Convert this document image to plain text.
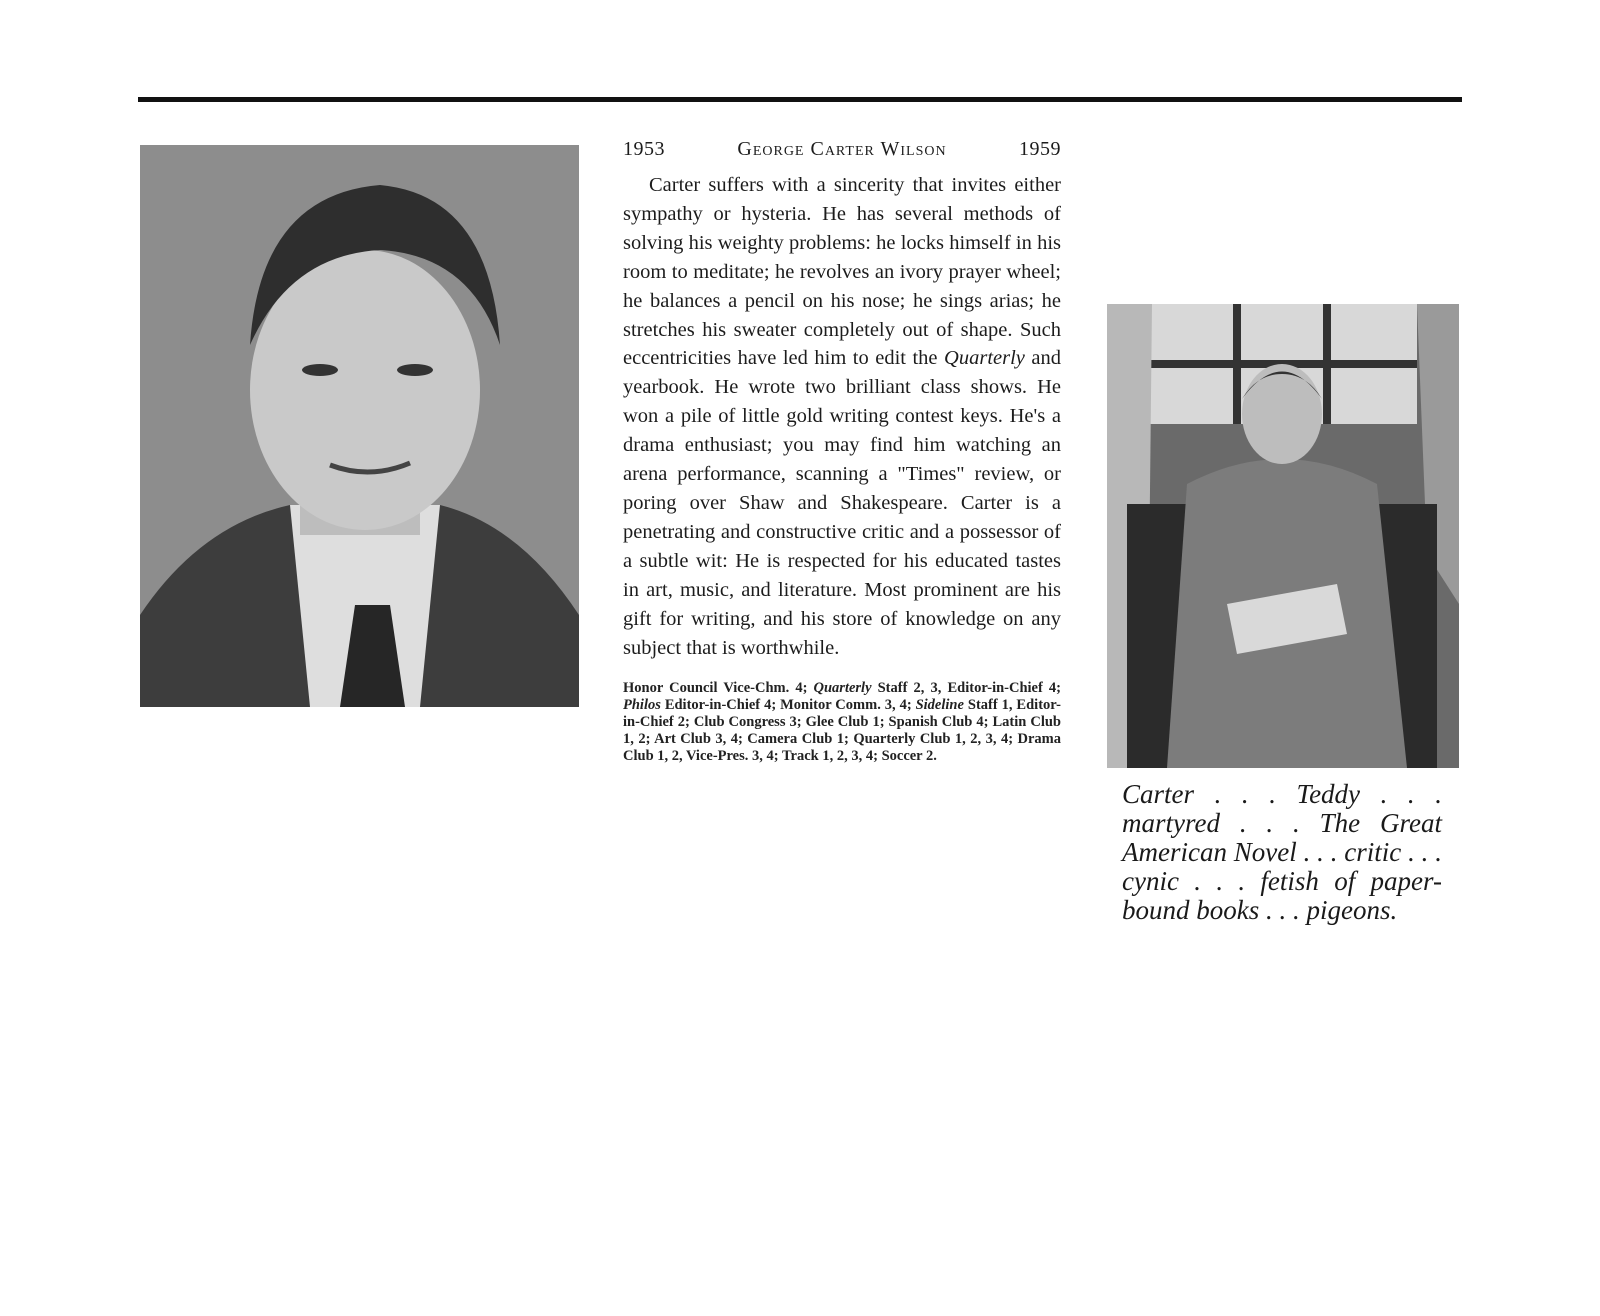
1953	George Carter Wilson	1959

Carter suffers with a sincerity that invites either sympathy or hysteria. He has several methods of solving his weighty problems: he locks himself in his room to meditate; he revolves an ivory prayer wheel; he balances a pencil on his nose; he sings arias; he stretches his sweater completely out of shape. Such eccentricities have led him to edit the Quarterly and yearbook. He wrote two brilliant class shows. He won a pile of little gold writing contest keys. He's a drama enthusiast; you may find him watching an arena performance, scanning a "Times" review, or poring over Shaw and Shakespeare. Carter is a penetrating and constructive critic and a possessor of a subtle wit: He is respected for his educated tastes in art, music, and literature. Most prominent are his gift for writing, and his store of knowledge on any subject that is worthwhile.

Honor Council Vice-Chm. 4; Quarterly Staff 2, 3, Editor-in-Chief 4; Philos Editor-in-Chief 4; Monitor Comm. 3, 4; Sideline Staff 1, Editor-in-Chief 2; Club Congress 3; Glee Club 1; Spanish Club 4; Latin Club 1, 2; Art Club 3, 4; Camera Club 1; Quarterly Club 1, 2, 3, 4; Drama Club 1, 2, Vice-Pres. 3, 4; Track 1, 2, 3, 4; Soccer 2.
Carter . . . Teddy . . . martyred . . . The Great American Novel . . . critic . . . cynic . . . fetish of paper-bound books . . . pigeons.
